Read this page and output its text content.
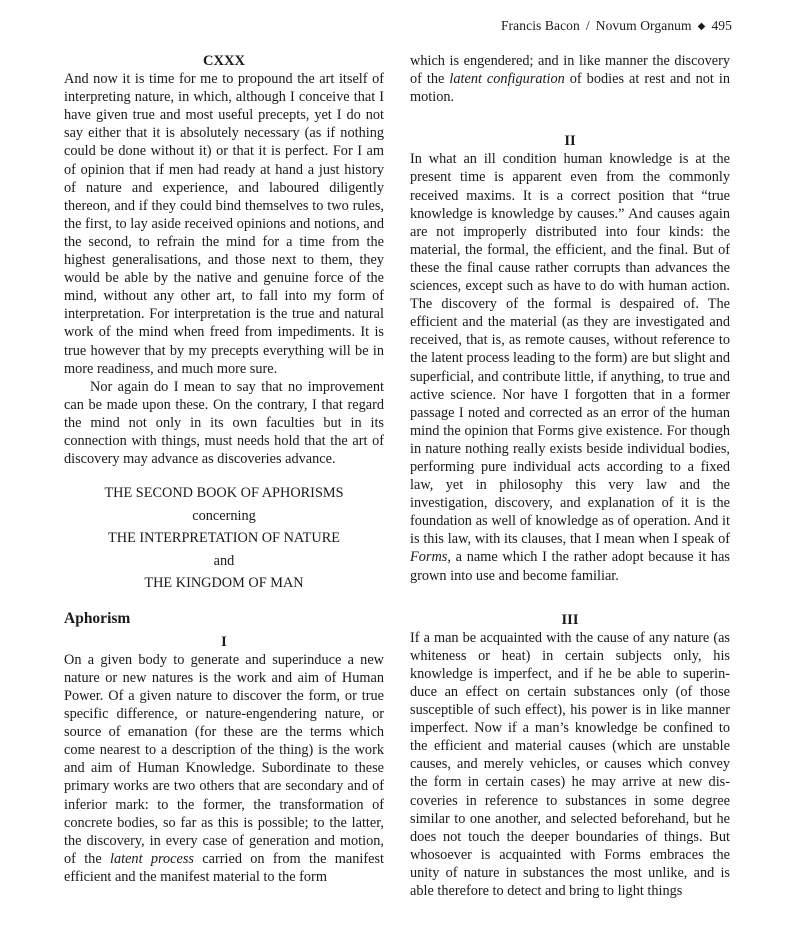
Francis Bacon / Novum Organum ◆ 495
CXXX

And now it is time for me to propound the art itself of interpreting nature, in which, although I conceive that I have given true and most useful precepts, yet I do not say either that it is absolutely necessary (as if nothing could be done without it) or that it is perfect. For I am of opinion that if men had ready at hand a just history of nature and experience, and laboured diligently thereon, and if they could bind themselves to two rules, the first, to lay aside received opinions and notions, and the second, to refrain the mind for a time from the highest generalisations, and those next to them, they would be able by the native and genuine force of the mind, without any other art, to fall into my form of interpretation. For interpretation is the true and natural work of the mind when freed from impediments. It is true however that by my precepts everything will be in more readiness, and much more sure.

Nor again do I mean to say that no improvement can be made upon these. On the contrary, I that regard the mind not only in its own faculties but in its connection with things, must needs hold that the art of discovery may advance as discoveries advance.

THE SECOND BOOK OF APHORISMS
concerning
THE INTERPRETATION OF NATURE
and
THE KINGDOM OF MAN
Aphorism
I

On a given body to generate and superinduce a new nature or new natures is the work and aim of Human Power. Of a given nature to discover the form, or true specific difference, or nature-engendering nature, or source of emanation (for these are the terms which come nearest to a description of the thing) is the work and aim of Human Knowledge. Subordinate to these primary works are two others that are secondary and of inferior mark: to the former, the transformation of concrete bodies, so far as this is possible; to the latter, the discovery, in every case of generation and motion, of the latent process carried on from the manifest efficient and the manifest material to the form

which is engendered; and in like manner the discovery of the latent configuration of bodies at rest and not in motion.

II

In what an ill condition human knowledge is at the present time is apparent even from the commonly received maxims. It is a correct position that “true knowledge is knowledge by causes.” And causes again are not improperly distributed into four kinds: the material, the formal, the efficient, and the final. But of these the final cause rather corrupts than advances the sciences, except such as have to do with human action. The discovery of the formal is despaired of. The efficient and the material (as they are investigated and received, that is, as remote causes, without reference to the latent process leading to the form) are but slight and superficial, and contribute little, if anything, to true and active science. Nor have I forgotten that in a former passage I noted and corrected as an error of the human mind the opinion that Forms give existence. For though in nature nothing really exists beside individual bodies, performing pure individual acts according to a fixed law, yet in philosophy this very law and the investigation, discovery, and explanation of it is the foundation as well of knowledge as of operation. And it is this law, with its clauses, that I mean when I speak of Forms, a name which I the rather adopt because it has grown into use and become familiar.

III

If a man be acquainted with the cause of any nature (as whiteness or heat) in certain subjects only, his knowledge is imperfect, and if he be able to superinduce an effect on certain substances only (of those susceptible of such effect), his power is in like manner imperfect. Now if a man’s knowledge be confined to the efficient and material causes (which are unstable causes, and merely vehicles, or causes which convey the form in certain cases) he may arrive at new discoveries in reference to substances in some degree similar to one another, and selected beforehand, but he does not touch the deeper boundaries of things. But whosoever is acquainted with Forms embraces the unity of nature in substances the most unlike, and is able therefore to detect and bring to light things
